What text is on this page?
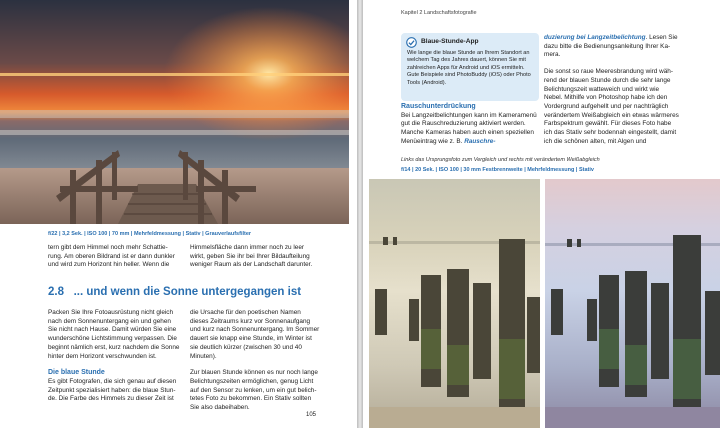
f/22 | 3,2 Sek. | ISO 100 | 70 mm | Mehrfeldmessung | Stativ | Grauverlaufsfilter
tern gibt dem Himmel noch mehr Schattierung. Am oberen Bildrand ist er dann dunkler und wird zum Horizont hin heller. Wenn die
Himmelsfläche dann immer noch zu leer wirkt, geben Sie ihr bei Ihrer Bildaufteilung weniger Raum als der Landschaft darunter.
2.8 ... und wenn die Sonne untergegangen ist

Packen Sie Ihre Fotoausrüstung nicht gleich nach dem Sonnenuntergang ein und gehen Sie nicht nach Hause. Damit würden Sie eine wunderschöne Lichtstimmung verpassen. Die beginnt nämlich erst, kurz nachdem die Sonne hinter dem Horizont verschwunden ist.

Die blaue Stunde

Es gibt Fotografen, die sich genau auf diesen Zeitpunkt spezialisiert haben: die blaue Stunde. Die Farbe des Himmels zu dieser Zeit ist

die Ursache für den poetischen Namen dieses Zeitraums kurz vor Sonnenaufgang und kurz nach Sonnenuntergang. Im Sommer dauert sie knapp eine Stunde, im Winter ist sie deutlich kürzer (zwischen 30 und 40 Minuten).

Zur blauen Stunde können es nur noch lange Belichtungszeiten ermöglichen, genug Licht auf den Sensor zu lenken, um ein gut belichtetes Foto zu bekommen. Ein Stativ sollten Sie also dabeihaben.

105
Kapitel 2 Landschaftsfotografie
Blaue-Stunde-App
Wie lange die blaue Stunde an Ihrem Standort an welchem Tag des Jahres dauert, können Sie mit zahlreichen Apps für Android und iOS ermitteln. Gute Beispiele sind PhotoBuddy (iOS) oder Photo Tools (Android).
Rauschunterdrückung
Bei Langzeitbelichtungen kann im Kameramenü gut die Rauschreduzierung aktiviert werden. Manche Kameras haben auch einen speziellen Menüeintrag wie z. B. Rauschre-

duzierung bei Langzeitbelichtung. Lesen Sie dazu bitte die Bedienungsanleitung Ihrer Kamera.

Die sonst so raue Meeresbrandung wird während der blauen Stunde durch die sehr lange Belichtungszeit watteweich und wirkt wie Nebel. Mithilfe von Photoshop habe ich den Vordergrund aufgehellt und per nachträglich verändertem Weißabgleich ein etwas wärmeres Farbspektrum gewählt. Für dieses Foto habe ich das Stativ sehr bodennah eingestellt, damit ich die schönen alten, mit Algen und

Links das Ursprungsfoto zum Vergleich und rechts mit verändertem Weißabgleich
f/14 | 20 Sek. | ISO 100 | 30 mm Festbrennweite | Mehrfeldmessung | Stativ
